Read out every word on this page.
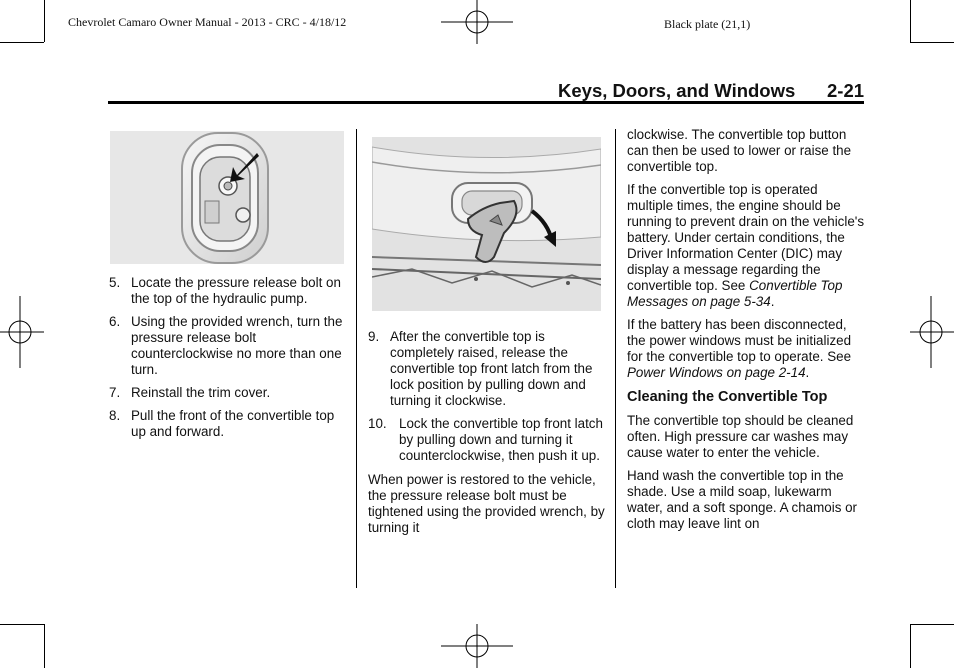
Chevrolet Camaro Owner Manual - 2013 - CRC - 4/18/12	Black plate (21,1)
Keys, Doors, and Windows 2-21
5. Locate the pressure release bolt on the top of the hydraulic pump.
6. Using the provided wrench, turn the pressure release bolt counterclockwise no more than one turn.
7. Reinstall the trim cover.
8. Pull the front of the convertible top up and forward.
9. After the convertible top is completely raised, release the convertible top front latch from the lock position by pulling down and turning it clockwise.
10. Lock the convertible top front latch by pulling down and turning it counterclockwise, then push it up.

When power is restored to the vehicle, the pressure release bolt must be tightened using the provided wrench, by turning it

clockwise. The convertible top button can then be used to lower or raise the convertible top.

If the convertible top is operated multiple times, the engine should be running to prevent drain on the vehicle's battery. Under certain conditions, the Driver Information Center (DIC) may display a message regarding the convertible top. See Convertible Top Messages on page 5-34.

If the battery has been disconnected, the power windows must be initialized for the convertible top to operate. See Power Windows on page 2-14.

Cleaning the Convertible Top

The convertible top should be cleaned often. High pressure car washes may cause water to enter the vehicle.

Hand wash the convertible top in the shade. Use a mild soap, lukewarm water, and a soft sponge. A chamois or cloth may leave lint on
